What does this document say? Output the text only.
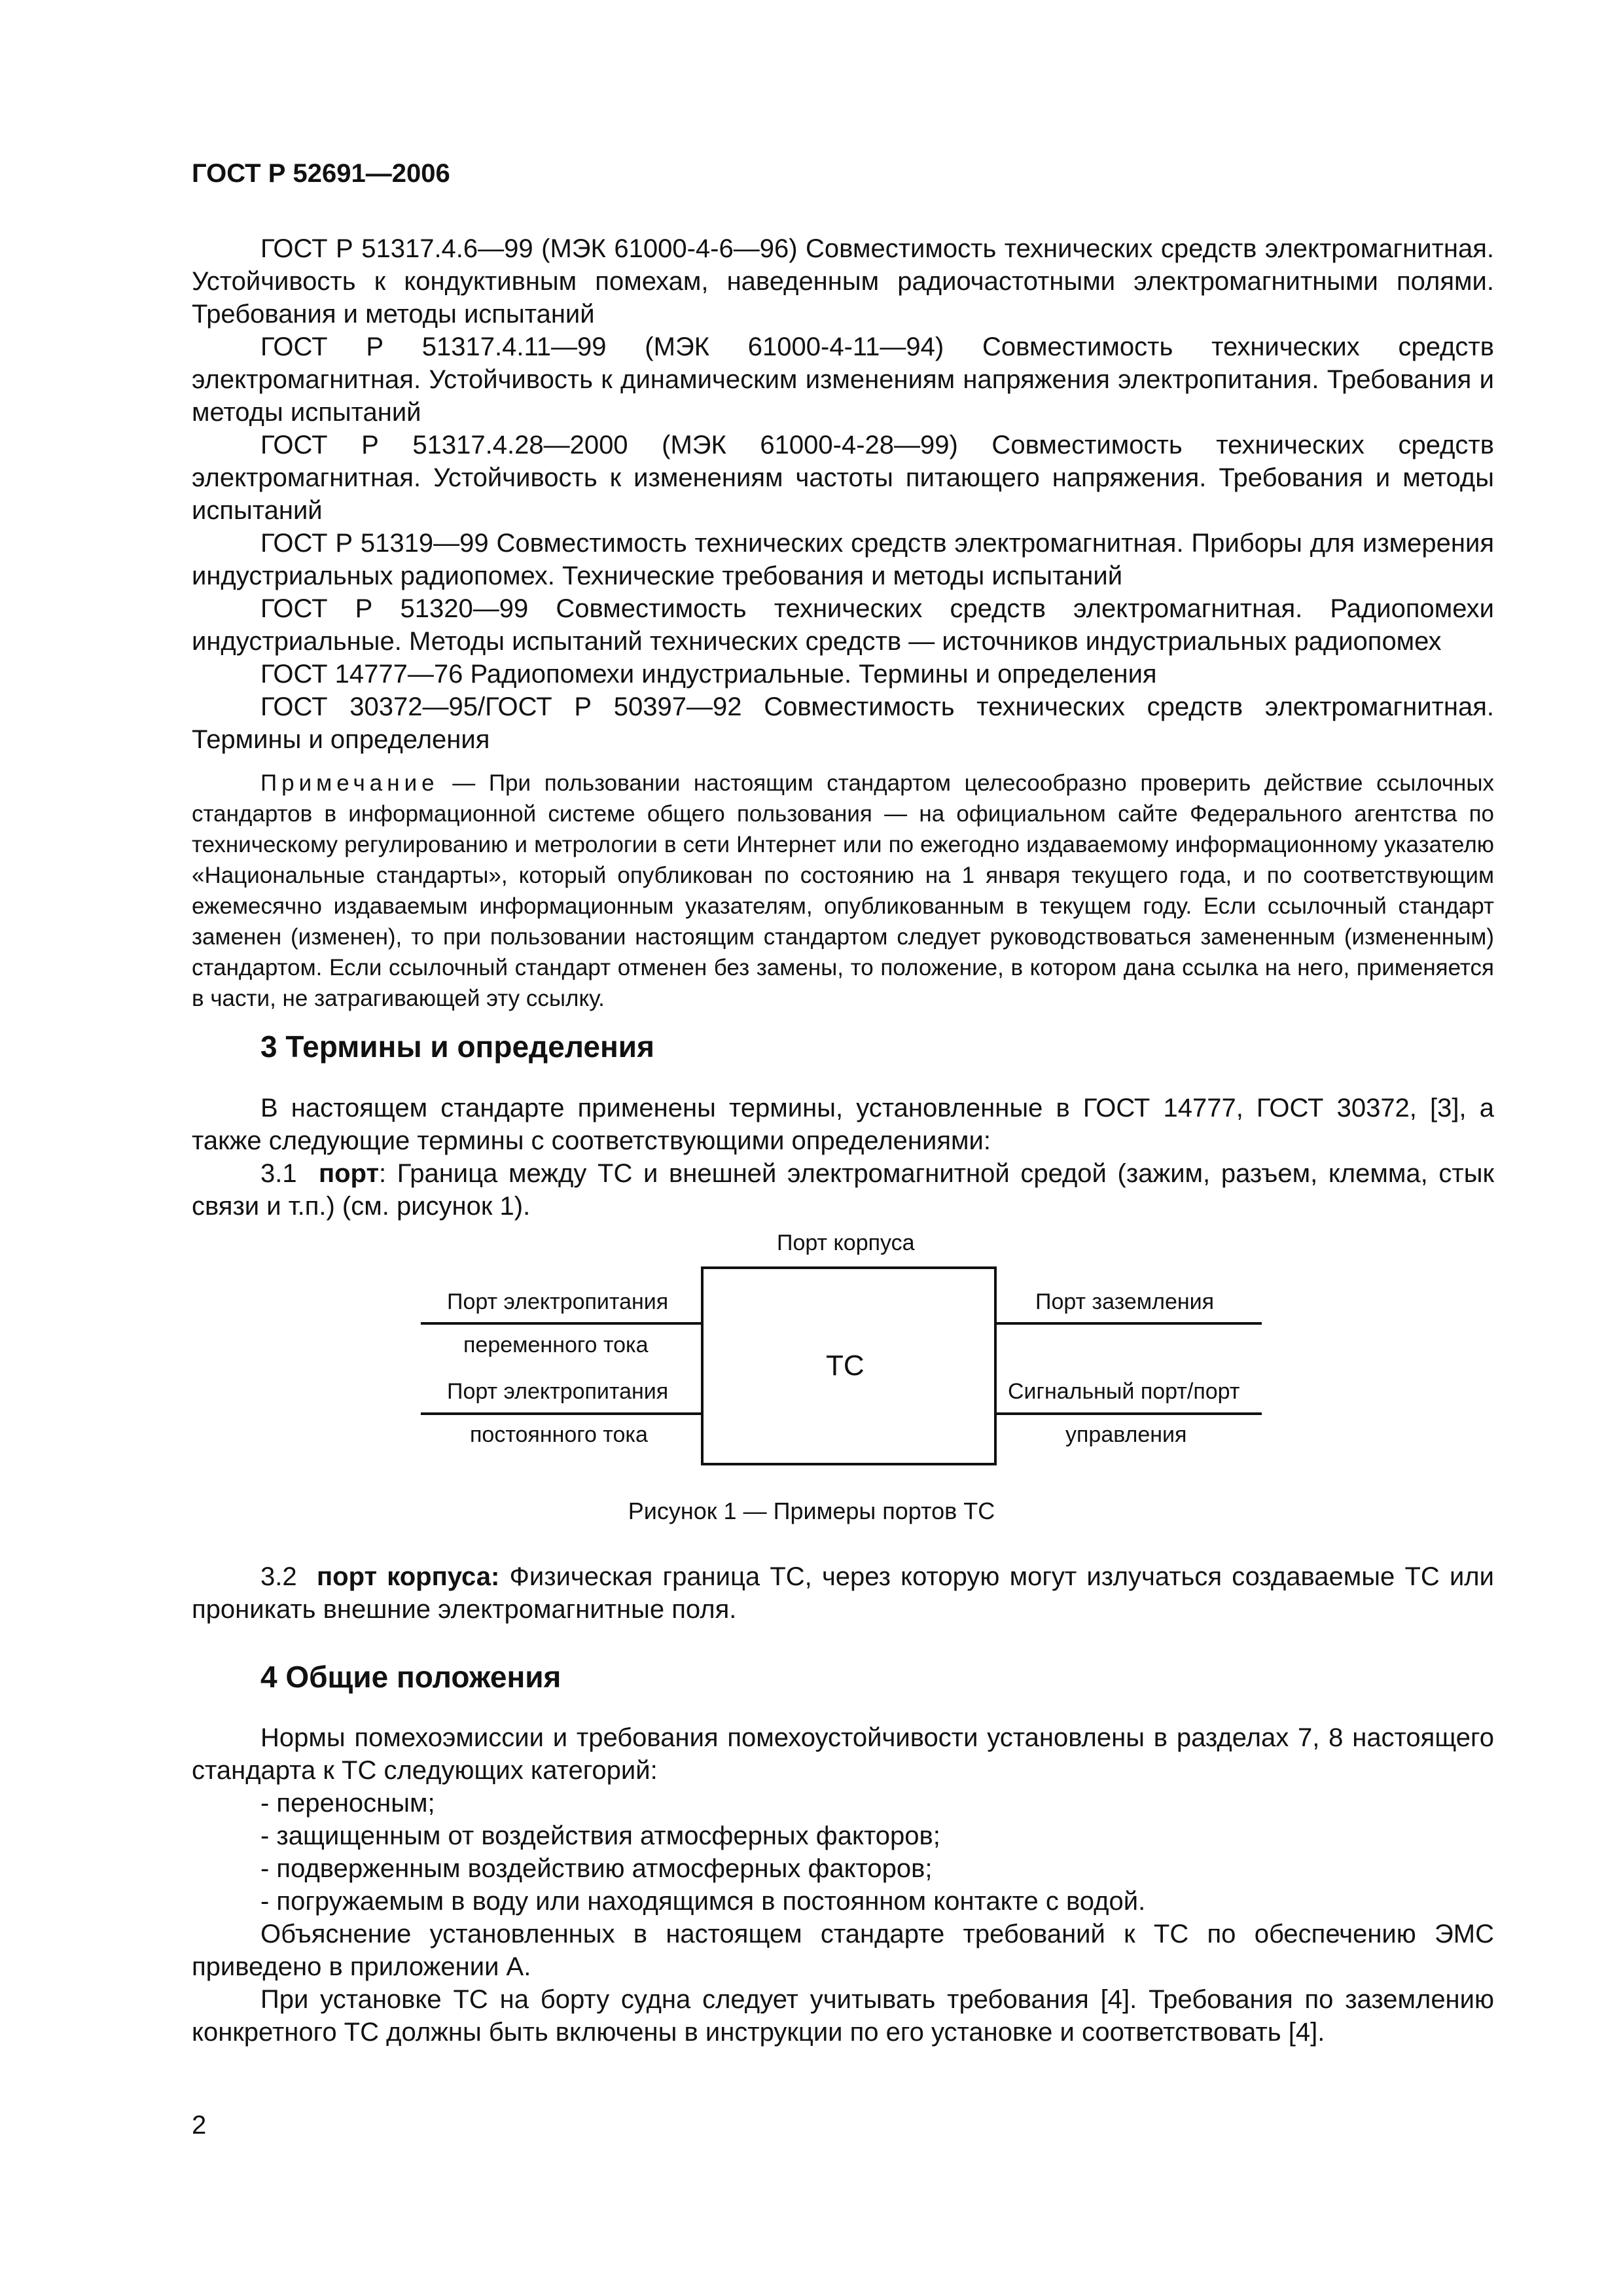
ГОСТ Р 52691—2006

ГОСТ Р 51317.4.6—99 (МЭК 61000-4-6—96) Совместимость технических средств электромагнитная. Устойчивость к кондуктивным помехам, наведенным радиочастотными электромагнитными полями. Требования и методы испытаний

ГОСТ Р 51317.4.11—99 (МЭК 61000-4-11—94) Совместимость технических средств электромагнитная. Устойчивость к динамическим изменениям напряжения электропитания. Требования и методы испытаний

ГОСТ Р 51317.4.28—2000 (МЭК 61000-4-28—99) Совместимость технических средств электромагнитная. Устойчивость к изменениям частоты питающего напряжения. Требования и методы испытаний

ГОСТ Р 51319—99 Совместимость технических средств электромагнитная. Приборы для измерения индустриальных радиопомех. Технические требования и методы испытаний

ГОСТ Р 51320—99 Совместимость технических средств электромагнитная. Радиопомехи индустриальные. Методы испытаний технических средств — источников индустриальных радиопомех

ГОСТ 14777—76 Радиопомехи индустриальные. Термины и определения

ГОСТ 30372—95/ГОСТ Р 50397—92 Совместимость технических средств электромагнитная. Термины и определения

Примечание — При пользовании настоящим стандартом целесообразно проверить действие ссылочных стандартов в информационной системе общего пользования — на официальном сайте Федерального агентства по техническому регулированию и метрологии в сети Интернет или по ежегодно издаваемому информационному указателю «Национальные стандарты», который опубликован по состоянию на 1 января текущего года, и по соответствующим ежемесячно издаваемым информационным указателям, опубликованным в текущем году. Если ссылочный стандарт заменен (изменен), то при пользовании настоящим стандартом следует руководствоваться замененным (измененным) стандартом. Если ссылочный стандарт отменен без замены, то положение, в котором дана ссылка на него, применяется в части, не затрагивающей эту ссылку.
3 Термины и определения

В настоящем стандарте применены термины, установленные в ГОСТ 14777, ГОСТ 30372, [3], а также следующие термины с соответствующими определениями:

3.1 порт: Граница между ТС и внешней электромагнитной средой (зажим, разъем, клемма, стык связи и т.п.) (см. рисунок 1).

Порт корпуса
ТС
Порт электропитания
переменного тока
Порт электропитания
постоянного тока
Порт заземления
Сигнальный порт/порт
управления
Рисунок 1 — Примеры портов ТС

3.2 порт корпуса: Физическая граница ТС, через которую могут излучаться создаваемые ТС или проникать внешние электромагнитные поля.

4 Общие положения

Нормы помехоэмиссии и требования помехоустойчивости установлены в разделах 7, 8 настоящего стандарта к ТС следующих категорий:

- переносным;
- защищенным от воздействия атмосферных факторов;
- подверженным воздействию атмосферных факторов;
- погружаемым в воду или находящимся в постоянном контакте с водой.

Объяснение установленных в настоящем стандарте требований к ТС по обеспечению ЭМС приведено в приложении А.

При установке ТС на борту судна следует учитывать требования [4]. Требования по заземлению конкретного ТС должны быть включены в инструкции по его установке и соответствовать [4].

2
